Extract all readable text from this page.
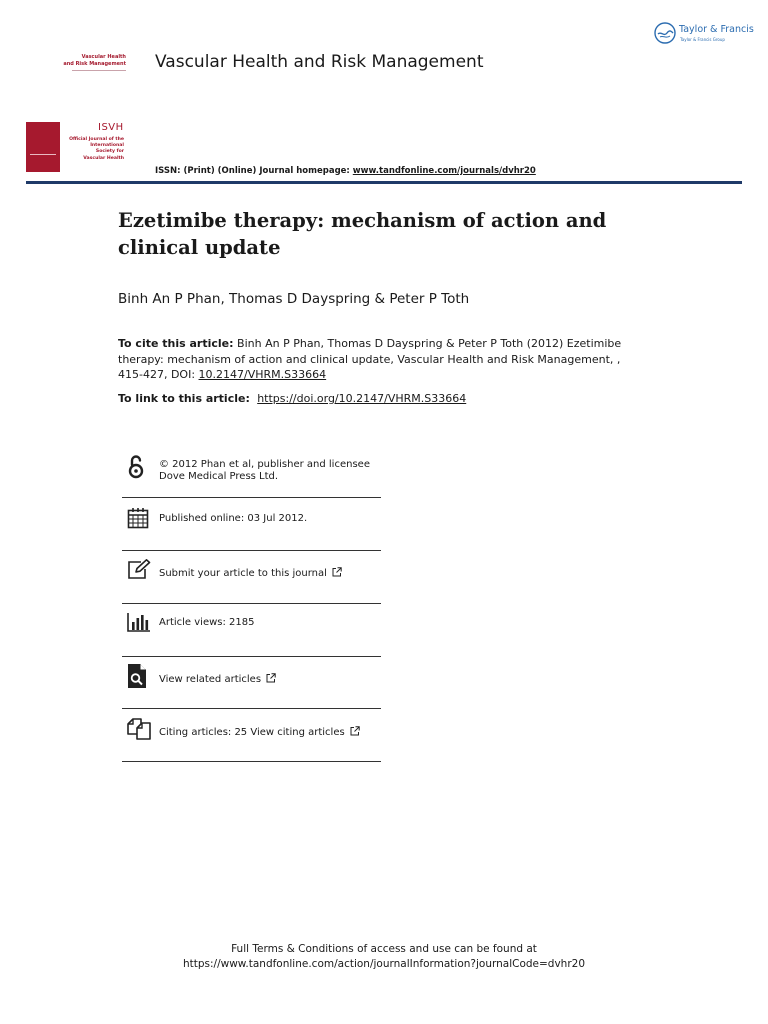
Taylor & Francis
Taylor & Francis Group
Vascular Health
and Risk Management Vascular Health and Risk Management
ISVH
Official Journal of the
International
Society for
Vascular Health
ISSN: (Print) (Online) Journal homepage: www.tandfonline.com/journals/dvhr20
Ezetimibe therapy: mechanism of action and clinical update
Binh An P Phan, Thomas D Dayspring & Peter P Toth
To cite this article: Binh An P Phan, Thomas D Dayspring & Peter P Toth (2012) Ezetimibe therapy: mechanism of action and clinical update, Vascular Health and Risk Management, , 415-427, DOI: 10.2147/VHRM.S33664
To link to this article:  https://doi.org/10.2147/VHRM.S33664
© 2012 Phan et al, publisher and licensee
Dove Medical Press Ltd.
Published online: 03 Jul 2012.
Submit your article to this journal
Article views: 2185
View related articles
Citing articles: 25 View citing articles
Full Terms & Conditions of access and use can be found at
https://www.tandfonline.com/action/journalInformation?journalCode=dvhr20
